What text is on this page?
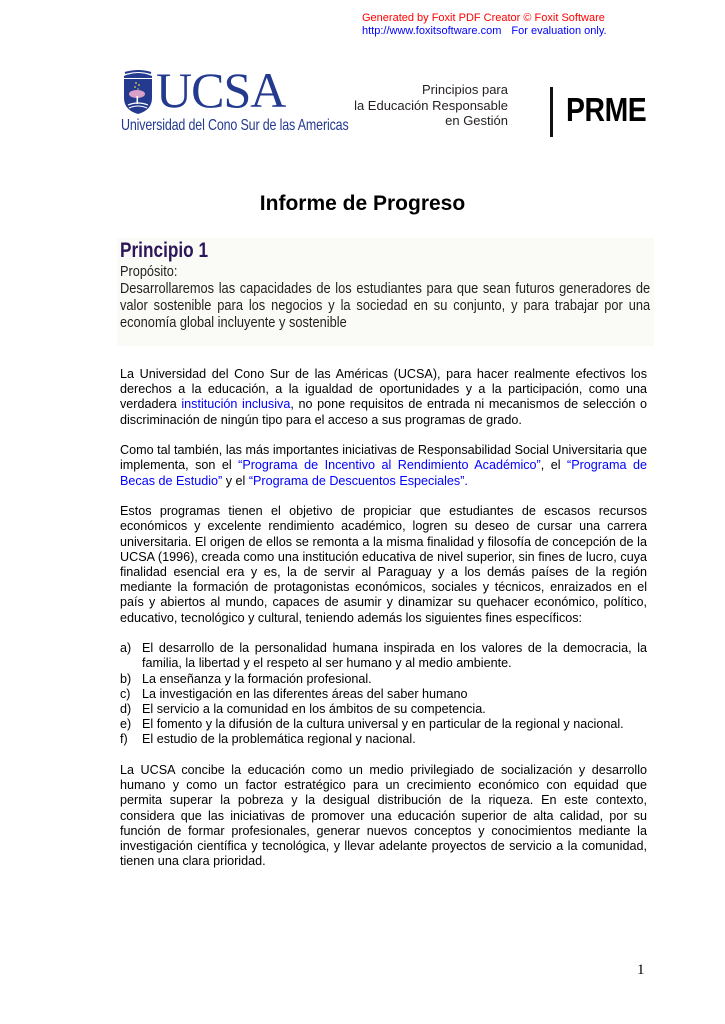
Generated by Foxit PDF Creator © Foxit Software
http://www.foxitsoftware.com For evaluation only.
UCSA
Universidad del Cono Sur de las Americas
Principios para
la Educación Responsable
en Gestión PRME
Informe de Progreso
Principio 1
Propósito:
Desarrollaremos las capacidades de los estudiantes para que sean futuros generadores de valor sostenible para los negocios y la sociedad en su conjunto, y para trabajar por una economía global incluyente y sostenible

La Universidad del Cono Sur de las Américas (UCSA), para hacer realmente efectivos los derechos a la educación, a la igualdad de oportunidades y a la participación, como una verdadera institución inclusiva, no pone requisitos de entrada ni mecanismos de selección o discriminación de ningún tipo para el acceso a sus programas de grado.

Como tal también, las más importantes iniciativas de Responsabilidad Social Universitaria que implementa, son el “Programa de Incentivo al Rendimiento Académico”, el “Programa de Becas de Estudio” y el “Programa de Descuentos Especiales”.

Estos programas tienen el objetivo de propiciar que estudiantes de escasos recursos económicos y excelente rendimiento académico, logren su deseo de cursar una carrera universitaria. El origen de ellos se remonta a la misma finalidad y filosofía de concepción de la UCSA (1996), creada como una institución educativa de nivel superior, sin fines de lucro, cuya finalidad esencial era y es, la de servir al Paraguay y a los demás países de la región mediante la formación de protagonistas económicos, sociales y técnicos, enraizados en el país y abiertos al mundo, capaces de asumir y dinamizar su quehacer económico, político, educativo, tecnológico y cultural, teniendo además los siguientes fines específicos:

a) El desarrollo de la personalidad humana inspirada en los valores de la democracia, la familia, la libertad y el respeto al ser humano y al medio ambiente.
b) La enseñanza y la formación profesional.
c) La investigación en las diferentes áreas del saber humano
d) El servicio a la comunidad en los ámbitos de su competencia.
e) El fomento y la difusión de la cultura universal y en particular de la regional y nacional.
f)	El estudio de la problemática regional y nacional.

La UCSA concibe la educación como un medio privilegiado de socialización y desarrollo humano y como un factor estratégico para un crecimiento económico con equidad que permita superar la pobreza y la desigual distribución de la riqueza. En este contexto, considera que las iniciativas de promover una educación superior de alta calidad, por su función de formar profesionales, generar nuevos conceptos y conocimientos mediante la investigación científica y tecnológica, y llevar adelante proyectos de servicio a la comunidad, tienen una clara prioridad.

1
